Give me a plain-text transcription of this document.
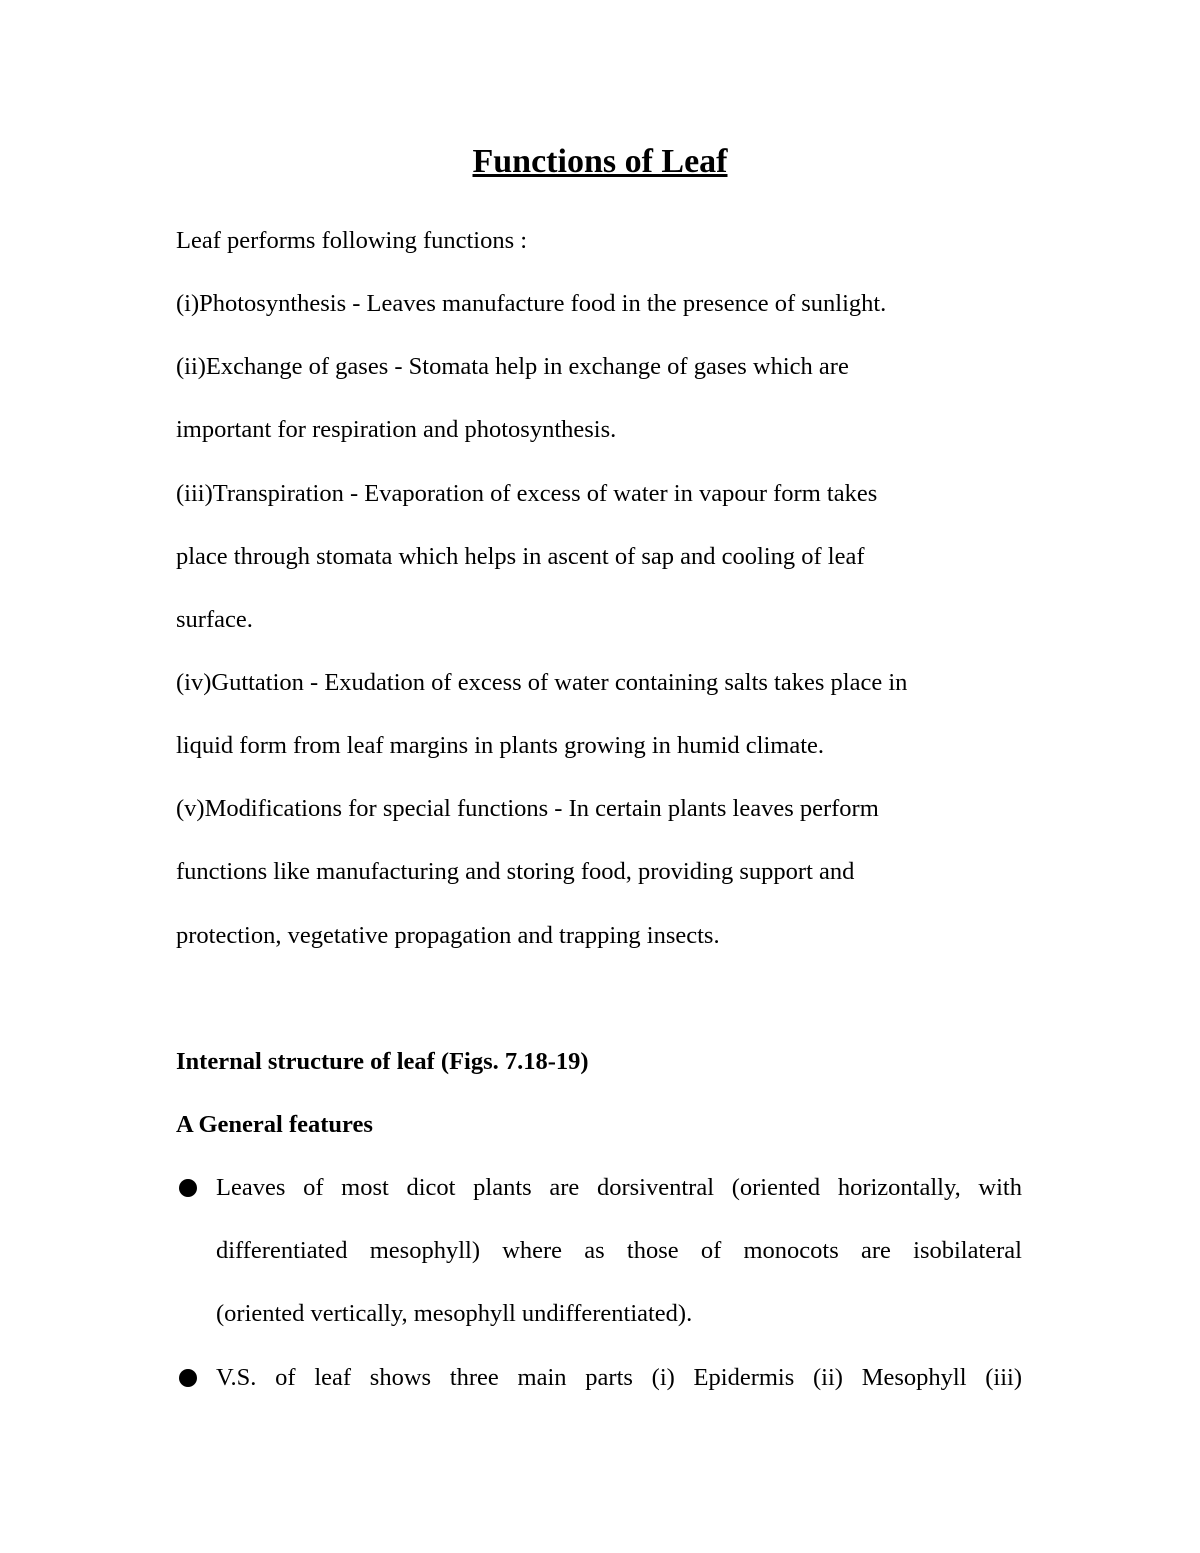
Functions of Leaf
Leaf performs following functions :
(i)Photosynthesis - Leaves manufacture food in the presence of sunlight.
(ii)Exchange of gases - Stomata help in exchange of gases which are
important for respiration and photosynthesis.
(iii)Transpiration - Evaporation of excess of water in vapour form takes
place through stomata which helps in ascent of sap and cooling of leaf
surface.
(iv)Guttation - Exudation of excess of water containing salts takes place in
liquid form from leaf margins in plants growing in humid climate.
(v)Modifications for special functions - In certain plants leaves perform
functions like manufacturing and storing food, providing support and
protection, vegetative propagation and trapping insects.
Internal structure of leaf (Figs. 7.18-19)
A General features
Leaves of most dicot plants are dorsiventral (oriented horizontally, with
differentiated mesophyll) where as those of monocots are isobilateral
(oriented vertically, mesophyll undifferentiated).
V.S. of leaf shows three main parts (i) Epidermis (ii) Mesophyll (iii)
